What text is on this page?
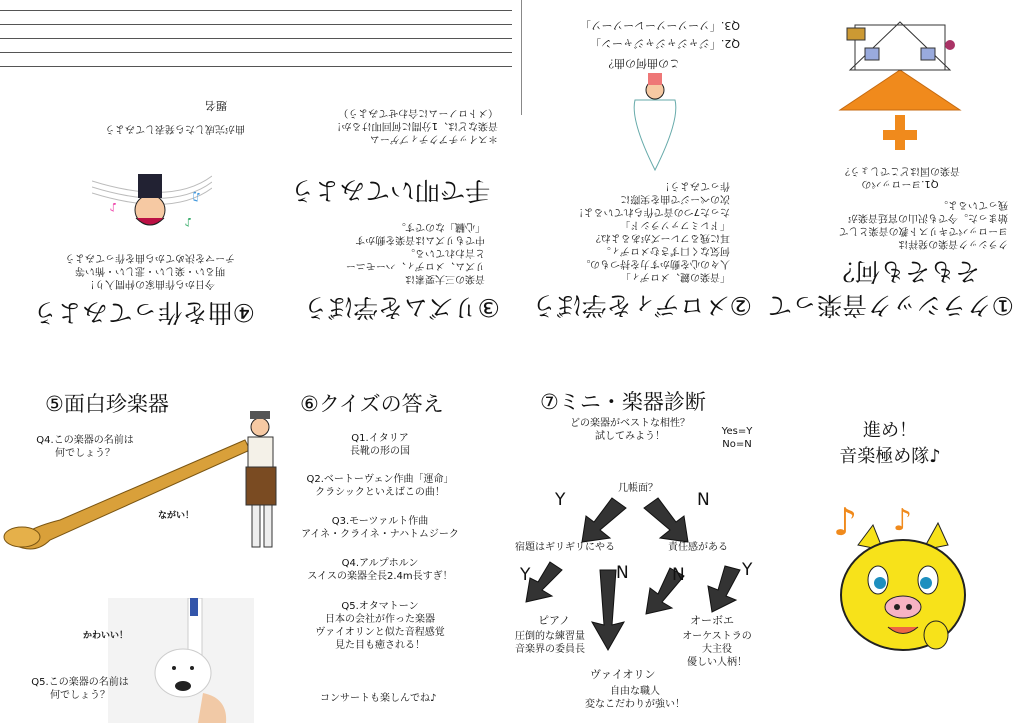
④曲を作ってみよう
今日から作曲家の仲間入り！
明るい・楽しい・悲しい・怖い等
テーマを決めてから曲を作ってみよう
♪
♪
♫
曲が完成したら発表してみよう
題名
③リズムを学ぼう
音楽の三大要素は
リズム、メロディ、ハーモニー
と言われている。
中でもリズムは音楽を動かす
「心臓」なのです。
手で叩いてみよう
＊スイッチアクティブゲーム
音楽などは、1分間に何回叩けるか！
（メトロノームに合わせてみよう）
②メロディを学ぼう
「音楽の鍵、メロディ」
人々の心を動かす力を持つもの。
何気なく口ずさむメロディ。
耳に残るフレーズがあるよね？
「ドレミファソラシド」
たった7つの音で作られているよ！
次のページで曲を実際に
作ってみよう！
この曲何の曲？
Q2.「ジャジャジャジャーン」
Q3.「ソーソーソーレーソーソ」
①クラシック音楽って
そもそも何？
クラシック音楽の発祥は
ヨーロッパでキリスト教の音楽として
始まった。今でも沢山の宮廷音楽が
残っているよ。
Q1.ヨーロッパの
音楽の国はどこでしょう？
⑤面白珍楽器
Q4.この楽器の名前は
何でしょう？
ながい！
かわいい！
Q5.この楽器の名前は
何でしょう？
⑥クイズの答え
Q1.イタリア
長靴の形の国
Q2.ベートーヴェン作曲「運命」
クラシックといえばこの曲！
Q3.モーツァルト作曲
アイネ・クライネ・ナハトムジーク
Q4.アルプホルン
スイスの楽器全長2.4m長すぎ！
Q5.オタマトーン
日本の会社が作った楽器
ヴァイオリンと似た音程感覚
見た目も癒される！
コンサートも楽しんでね♪
⑦ミニ・楽器診断
どの楽器がベストな相性？
試してみよう！	Yes=Y
No=N
几帳面？
Y	N
宿題はギリギリにやる	責任感がある
Y	N	N	Y
ピアノ
圧倒的な練習量
音楽界の委員長
オーボエ
オーケストラの
大主役
優しい人柄！
ヴァイオリン
自由な職人
変なこだわりが強い！
進め！
音楽極め隊♪
♪ ♪
